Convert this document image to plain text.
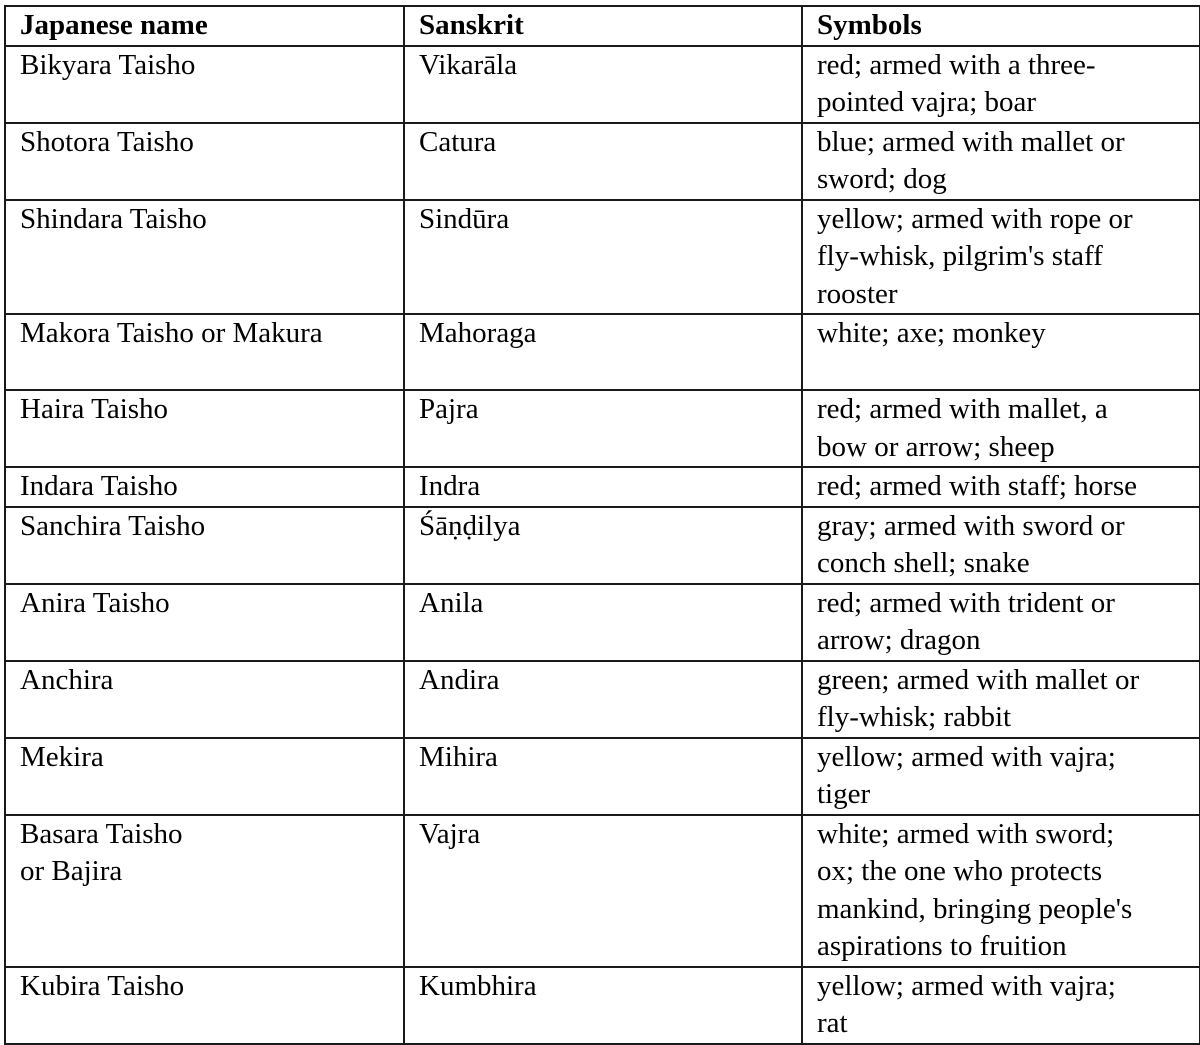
Japanese name	Sanskrit	Symbols
Bikyara Taisho	Vikarāla	red; armed with a three-
pointed vajra; boar
Shotora Taisho	Catura	blue; armed with mallet or
sword; dog
Shindara Taisho	Sindūra	yellow; armed with rope or
fly-whisk, pilgrim's staff
rooster
Makora Taisho or Makura	Mahoraga	white; axe; monkey
Haira Taisho	Pajra	red; armed with mallet, a
bow or arrow; sheep
Indara Taisho	Indra	red; armed with staff; horse
Sanchira Taisho	Śāṇḍilya	gray; armed with sword or
conch shell; snake
Anira Taisho	Anila	red; armed with trident or
arrow; dragon
Anchira	Andira	green; armed with mallet or
fly-whisk; rabbit
Mekira	Mihira	yellow; armed with vajra;
tiger
Basara Taisho
or Bajira	Vajra	white; armed with sword;
ox; the one who protects
mankind, bringing people's
aspirations to fruition
Kubira Taisho	Kumbhira	yellow; armed with vajra;
rat
